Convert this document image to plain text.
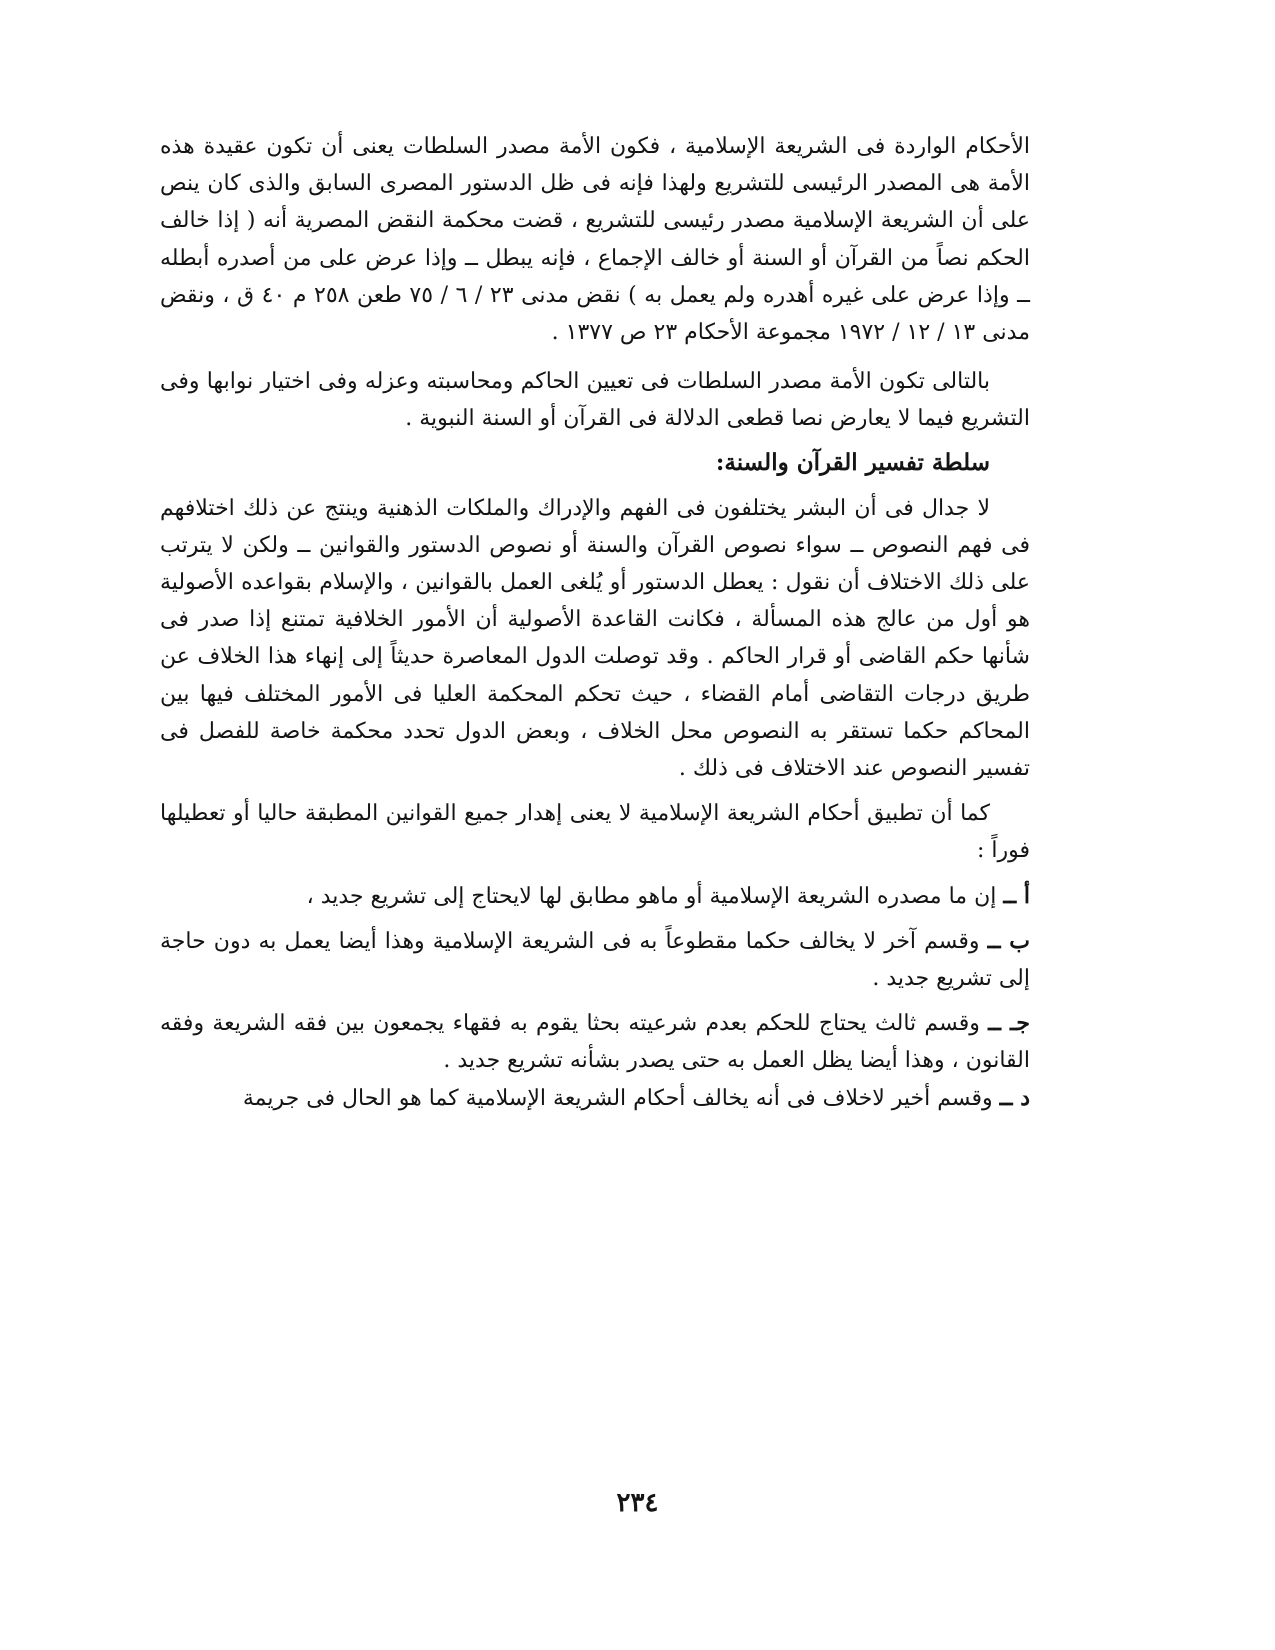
الأحكام الواردة فى الشريعة الإسلامية ، فكون الأمة مصدر السلطات يعنى أن تكون عقيدة هذه الأمة هى المصدر الرئيسى للتشريع ولهذا فإنه فى ظل الدستور المصرى السابق والذى كان ينص على أن الشريعة الإسلامية مصدر رئيسى للتشريع ، قضت محكمة النقض المصرية أنه ( إذا خالف الحكم نصاً من القرآن أو السنة أو خالف الإجماع ، فإنه يبطل ــ وإذا عرض على من أصدره أبطله ــ وإذا عرض على غيره أهدره ولم يعمل به ) نقض مدنى ٢٣ / ٦ / ٧٥ طعن ٢٥٨ م ٤٠ ق ، ونقض مدنى ١٣ / ١٢ / ١٩٧٢ مجموعة الأحكام ٢٣ ص ١٣٧٧ .

بالتالى تكون الأمة مصدر السلطات فى تعيين الحاكم ومحاسبته وعزله وفى اختيار نوابها وفى التشريع فيما لا يعارض نصا قطعى الدلالة فى القرآن أو السنة النبوية .

سلطة تفسير القرآن والسنة:

لا جدال فى أن البشر يختلفون فى الفهم والإدراك والملكات الذهنية وينتج عن ذلك اختلافهم فى فهم النصوص ــ سواء نصوص القرآن والسنة أو نصوص الدستور والقوانين ــ ولكن لا يترتب على ذلك الاختلاف أن نقول : يعطل الدستور أو يُلغى العمل بالقوانين ، والإسلام بقواعده الأصولية هو أول من عالج هذه المسألة ، فكانت القاعدة الأصولية أن الأمور الخلافية تمتنع إذا صدر فى شأنها حكم القاضى أو قرار الحاكم . وقد توصلت الدول المعاصرة حديثاً إلى إنهاء هذا الخلاف عن طريق درجات التقاضى أمام القضاء ، حيث تحكم المحكمة العليا فى الأمور المختلف فيها بين المحاكم حكما تستقر به النصوص محل الخلاف ، وبعض الدول تحدد محكمة خاصة للفصل فى تفسير النصوص عند الاختلاف فى ذلك .

كما أن تطبيق أحكام الشريعة الإسلامية لا يعنى إهدار جميع القوانين المطبقة حاليا أو تعطيلها فوراً :

أ ــ إن ما مصدره الشريعة الإسلامية أو ماهو مطابق لها لايحتاج إلى تشريع جديد ،

ب ــ وقسم آخر لا يخالف حكما مقطوعاً به فى الشريعة الإسلامية وهذا أيضا يعمل به دون حاجة إلى تشريع جديد .

جـ ــ وقسم ثالث يحتاج للحكم بعدم شرعيته بحثا يقوم به فقهاء يجمعون بين فقه الشريعة وفقه القانون ، وهذا أيضا يظل العمل به حتى يصدر بشأنه تشريع جديد .

د ــ وقسم أخير لاخلاف فى أنه يخالف أحكام الشريعة الإسلامية كما هو الحال فى جريمة

٢٣٤
